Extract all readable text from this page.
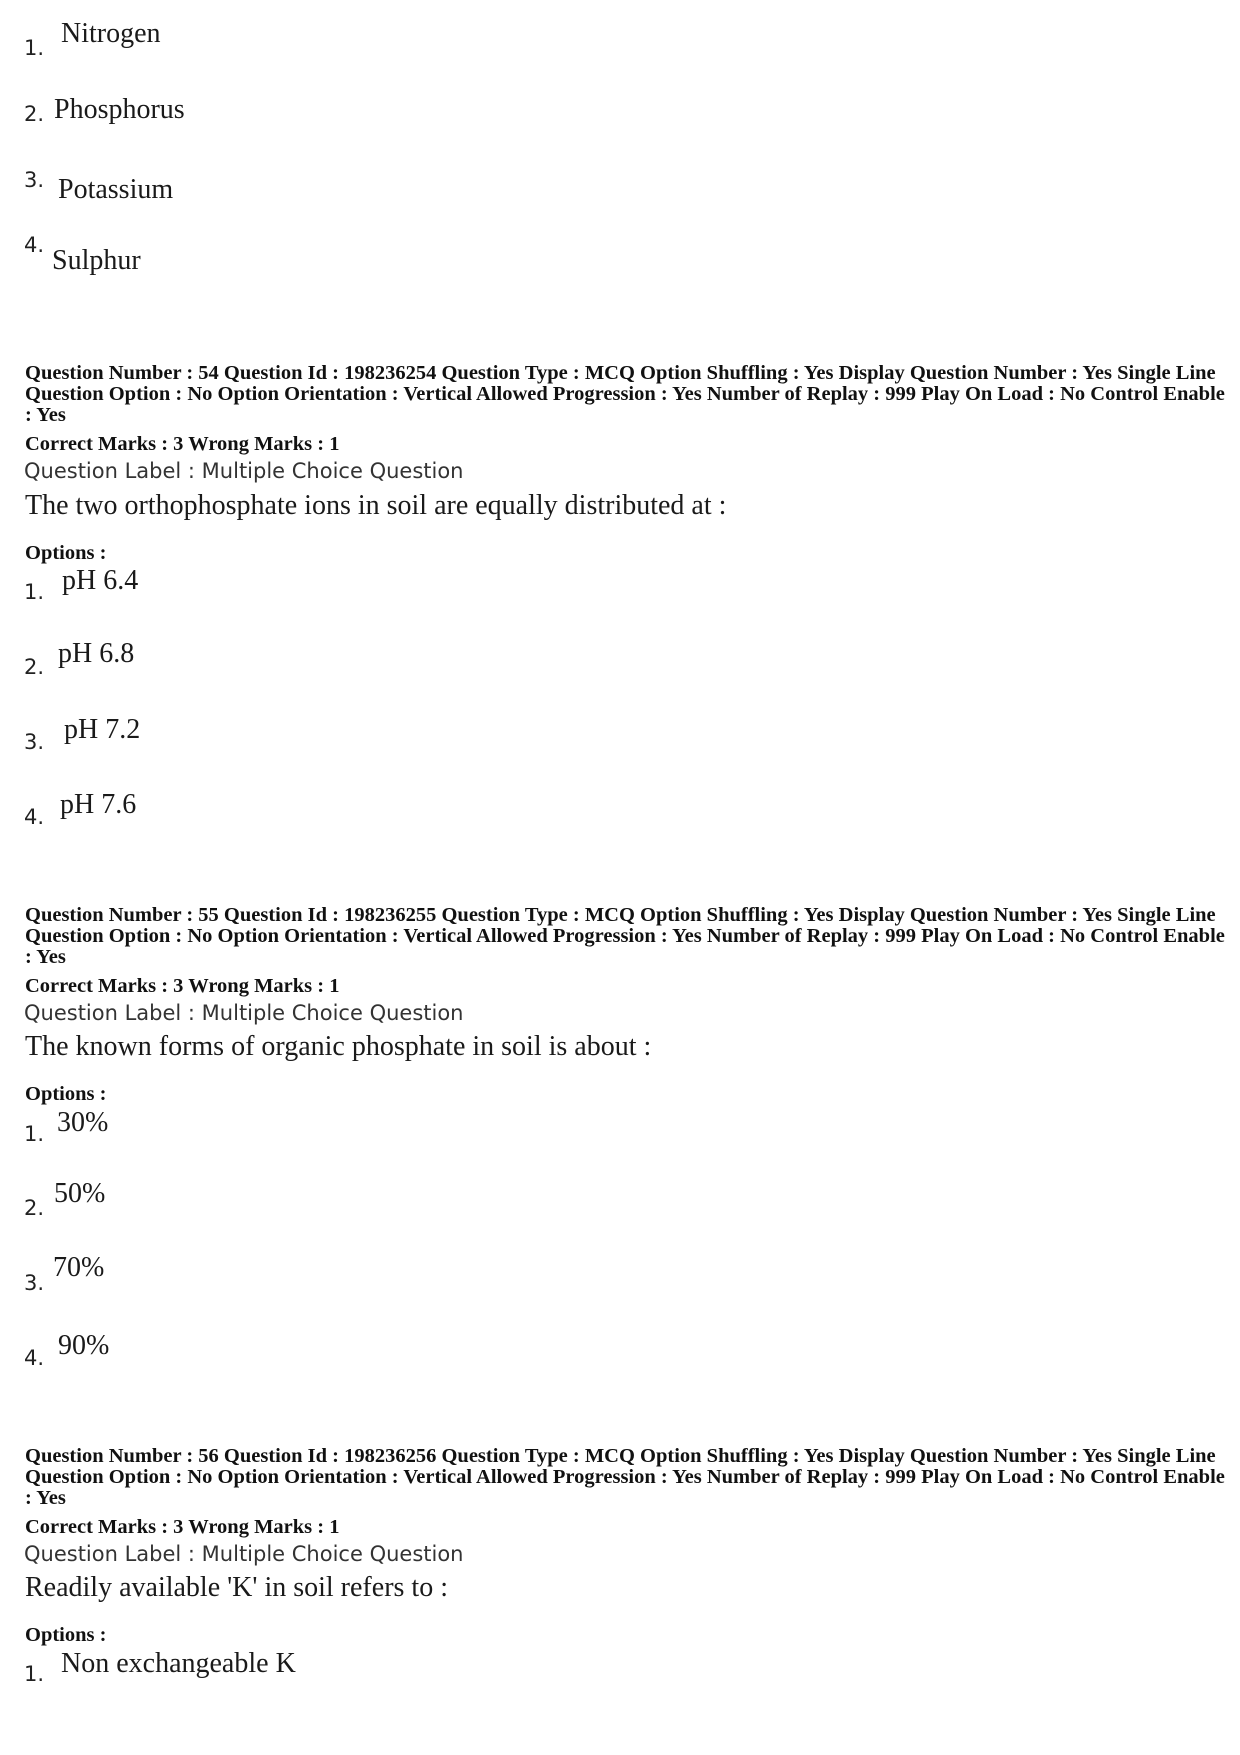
1. Nitrogen
2. Phosphorus
3. Potassium
4. Sulphur
Question Number : 54 Question Id : 198236254 Question Type : MCQ Option Shuffling : Yes Display Question Number : Yes Single Line Question Option : No Option Orientation : Vertical Allowed Progression : Yes Number of Replay : 999 Play On Load : No Control Enable : Yes
Correct Marks : 3 Wrong Marks : 1
Question Label : Multiple Choice Question
The two orthophosphate ions in soil are equally distributed at :
Options :
1. pH 6.4
2. pH 6.8
3. pH 7.2
4. pH 7.6
Question Number : 55 Question Id : 198236255 Question Type : MCQ Option Shuffling : Yes Display Question Number : Yes Single Line Question Option : No Option Orientation : Vertical Allowed Progression : Yes Number of Replay : 999 Play On Load : No Control Enable : Yes
Correct Marks : 3 Wrong Marks : 1
Question Label : Multiple Choice Question
The known forms of organic phosphate in soil is about :
Options :
1. 30%
2. 50%
3. 70%
4. 90%
Question Number : 56 Question Id : 198236256 Question Type : MCQ Option Shuffling : Yes Display Question Number : Yes Single Line Question Option : No Option Orientation : Vertical Allowed Progression : Yes Number of Replay : 999 Play On Load : No Control Enable : Yes
Correct Marks : 3 Wrong Marks : 1
Question Label : Multiple Choice Question
Readily available 'K' in soil refers to :
Options :
1. Non exchangeable K
